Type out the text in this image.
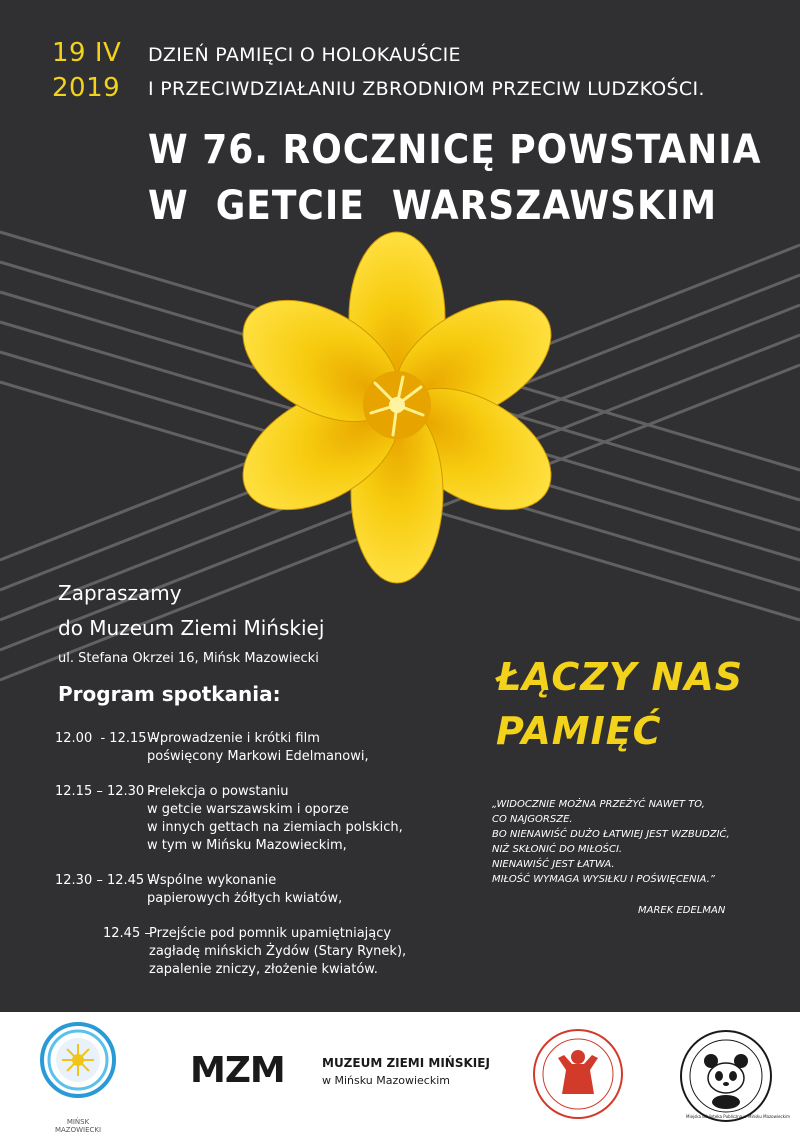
19 IV
2019
DZIEŃ PAMIĘCI O HOLOKAUŚCIE
I PRZECIWDZIAŁANIU ZBRODNIOM PRZECIW LUDZKOŚCI.
W 76. ROCZNICĘ POWSTANIA
W  GETCIE  WARSZAWSKIM
Zapraszamy
do Muzeum Ziemi Mińskiej
ul. Stefana Okrzei 16, Mińsk Mazowiecki
Program spotkania:
12.00  - 12.15 –
Wprowadzenie i krótki film
poświęcony Markowi Edelmanowi,
12.15 – 12.30 –
Prelekcja o powstaniu
w getcie warszawskim i oporze
w innych gettach na ziemiach polskich,
w tym w Mińsku Mazowieckim,
12.30 – 12.45 –
Wspólne wykonanie
papierowych żółtych kwiatów,
12.45 –
Przejście pod pomnik upamiętniający
zagładę mińskich Żydów (Stary Rynek),
zapalenie zniczy, złożenie kwiatów.
ŁĄCZY NAS
PAMIĘĆ
„WIDOCZNIE MOŻNA PRZEŻYĆ NAWET TO,
CO NAJGORSZE.
BO NIENAWIŚĆ DUŻO ŁATWIEJ JEST WZBUDZIĆ,
NIŻ SKŁONIĆ DO MIŁOŚCI.
NIENAWIŚĆ JEST ŁATWA.
MIŁOŚĆ WYMAGA WYSIŁKU I POŚWIĘCENIA.”
MAREK EDELMAN
MIŃSK
MAZOWIECKI
MZM	MUZEUM ZIEMI MIŃSKIEJ
w Mińsku Mazowieckim
Miejska Biblioteka Publiczna w Mińsku Mazowieckim
